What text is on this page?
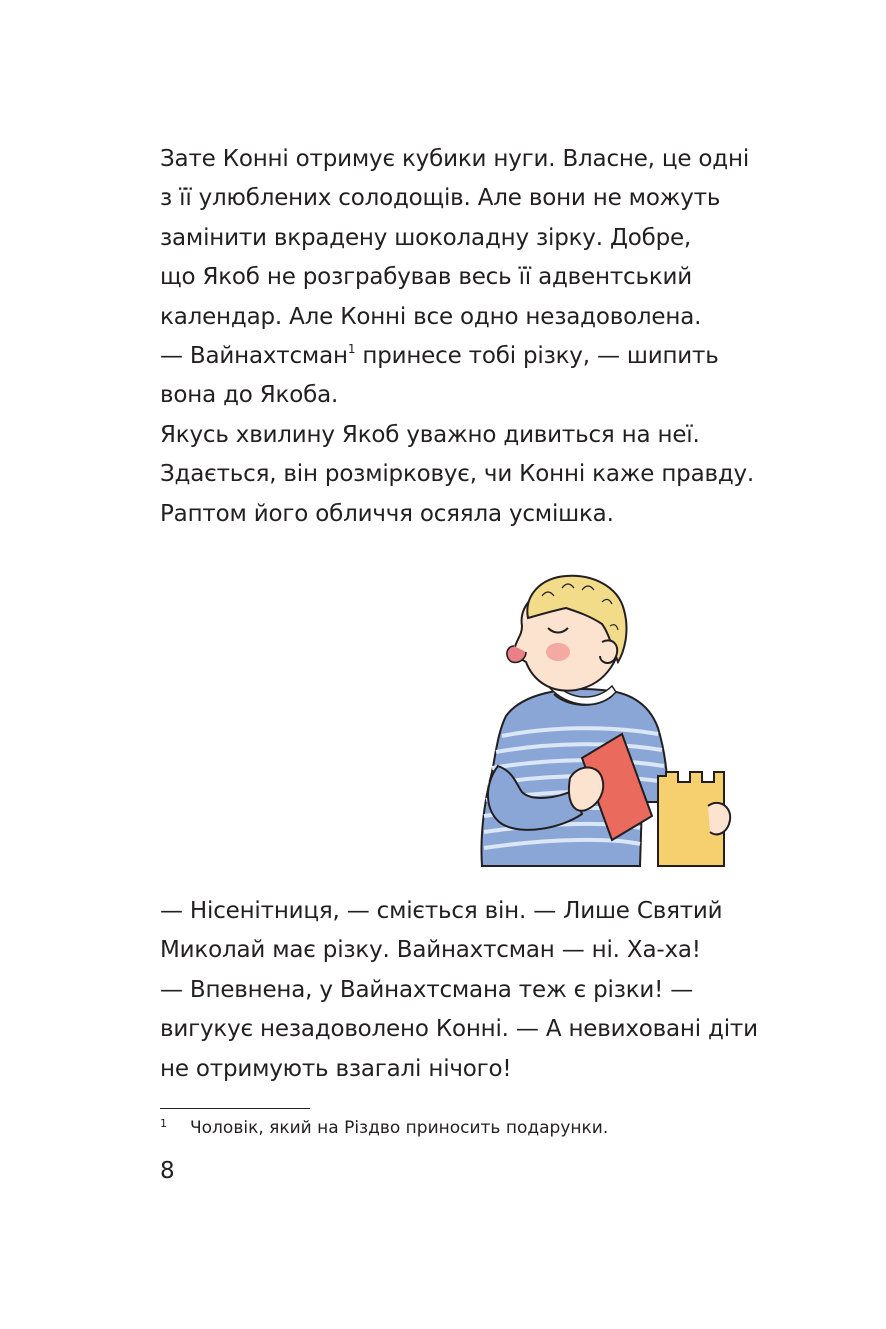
Зате Конні отримує кубики нуги. Власне, це одні
з її улюблених солодощів. Але вони не можуть
замінити вкрадену шоколадну зірку. Добре,
що Якоб не розграбував весь її адвентський
календар. Але Конні все одно незадоволена.
— Вайнахтсман$^1$ принесе тобі різку, — шипить
вона до Якоба.
Якусь хвилину Якоб уважно дивиться на неї.
Здається, він розмірковує, чи Конні каже правду.
Раптом його обличчя осяяла усмішка.
— Нісенітниця, — сміється він. — Лише Святий
Миколай має різку. Вайнахтсман — ні. Ха-ха!
— Впевнена, у Вайнахтсмана теж є різки! —
вигукує незадоволено Конні. — А невиховані діти
не отримують взагалі нічого!
1 Чоловік, який на Різдво приносить подарунки.
8
